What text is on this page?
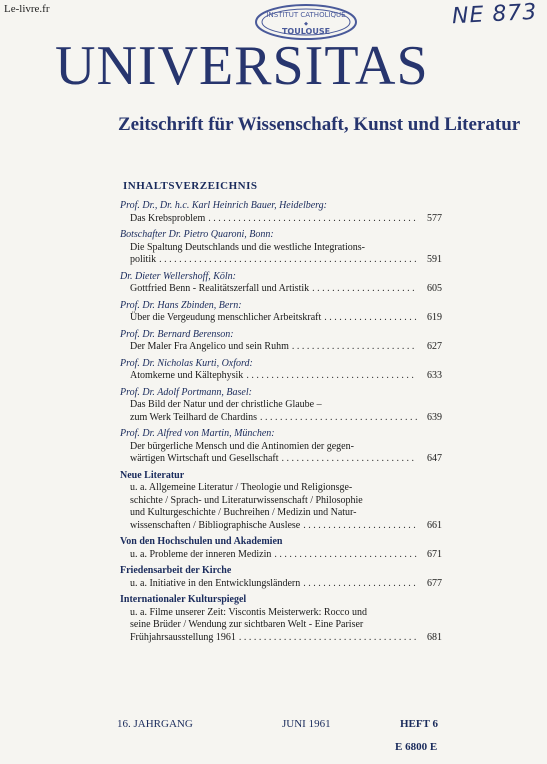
Le-livre.fr	INSTITUT CATHOLIQUE
◆
TOULOUSE
NE 873
UNIVERSITAS
Zeitschrift für Wissenschaft, Kunst und Literatur
INHALTSVERZEICHNIS
Prof. Dr., Dr. h.c. Karl Heinrich Bauer, Heidelberg:
Das Krebsproblem . . .	577
Botschafter Dr. Pietro Quaroni, Bonn:
Die Spaltung Deutschlands und die westliche Integrations-
politik . . .	591
Dr. Dieter Wellershoff, Köln:
Gottfried Benn - Realitätszerfall und Artistik . . .	605
Prof. Dr. Hans Zbinden, Bern:
Über die Vergeudung menschlicher Arbeitskraft . . .	619
Prof. Dr. Bernard Berenson:
Der Maler Fra Angelico und sein Ruhm . . .	627
Prof. Dr. Nicholas Kurti, Oxford:
Atomkerne und Kältephysik . . .	633
Prof. Dr. Adolf Portmann, Basel:
Das Bild der Natur und der christliche Glaube –
zum Werk Teilhard de Chardins . . .	639
Prof. Dr. Alfred von Martin, München:
Der bürgerliche Mensch und die Antinomien der gegen-
wärtigen Wirtschaft und Gesellschaft . . .	647
Neue Literatur
u. a. Allgemeine Literatur / Theologie und Religionsge-
schichte / Sprach- und Literaturwissenschaft / Philosophie
und Kulturgeschichte / Buchreihen / Medizin und Natur-
wissenschaften / Bibliographische Auslese . . .	661
Von den Hochschulen und Akademien
u. a. Probleme der inneren Medizin . . .	671
Friedensarbeit der Kirche
u. a. Initiative in den Entwicklungsländern . . .	677
Internationaler Kulturspiegel
u. a. Filme unserer Zeit: Viscontis Meisterwerk: Rocco und
seine Brüder / Wendung zur sichtbaren Welt - Eine Pariser
Frühjahrsausstellung 1961 . . .	681
16. JAHRGANG	JUNI 1961	HEFT 6
E 6800 E
